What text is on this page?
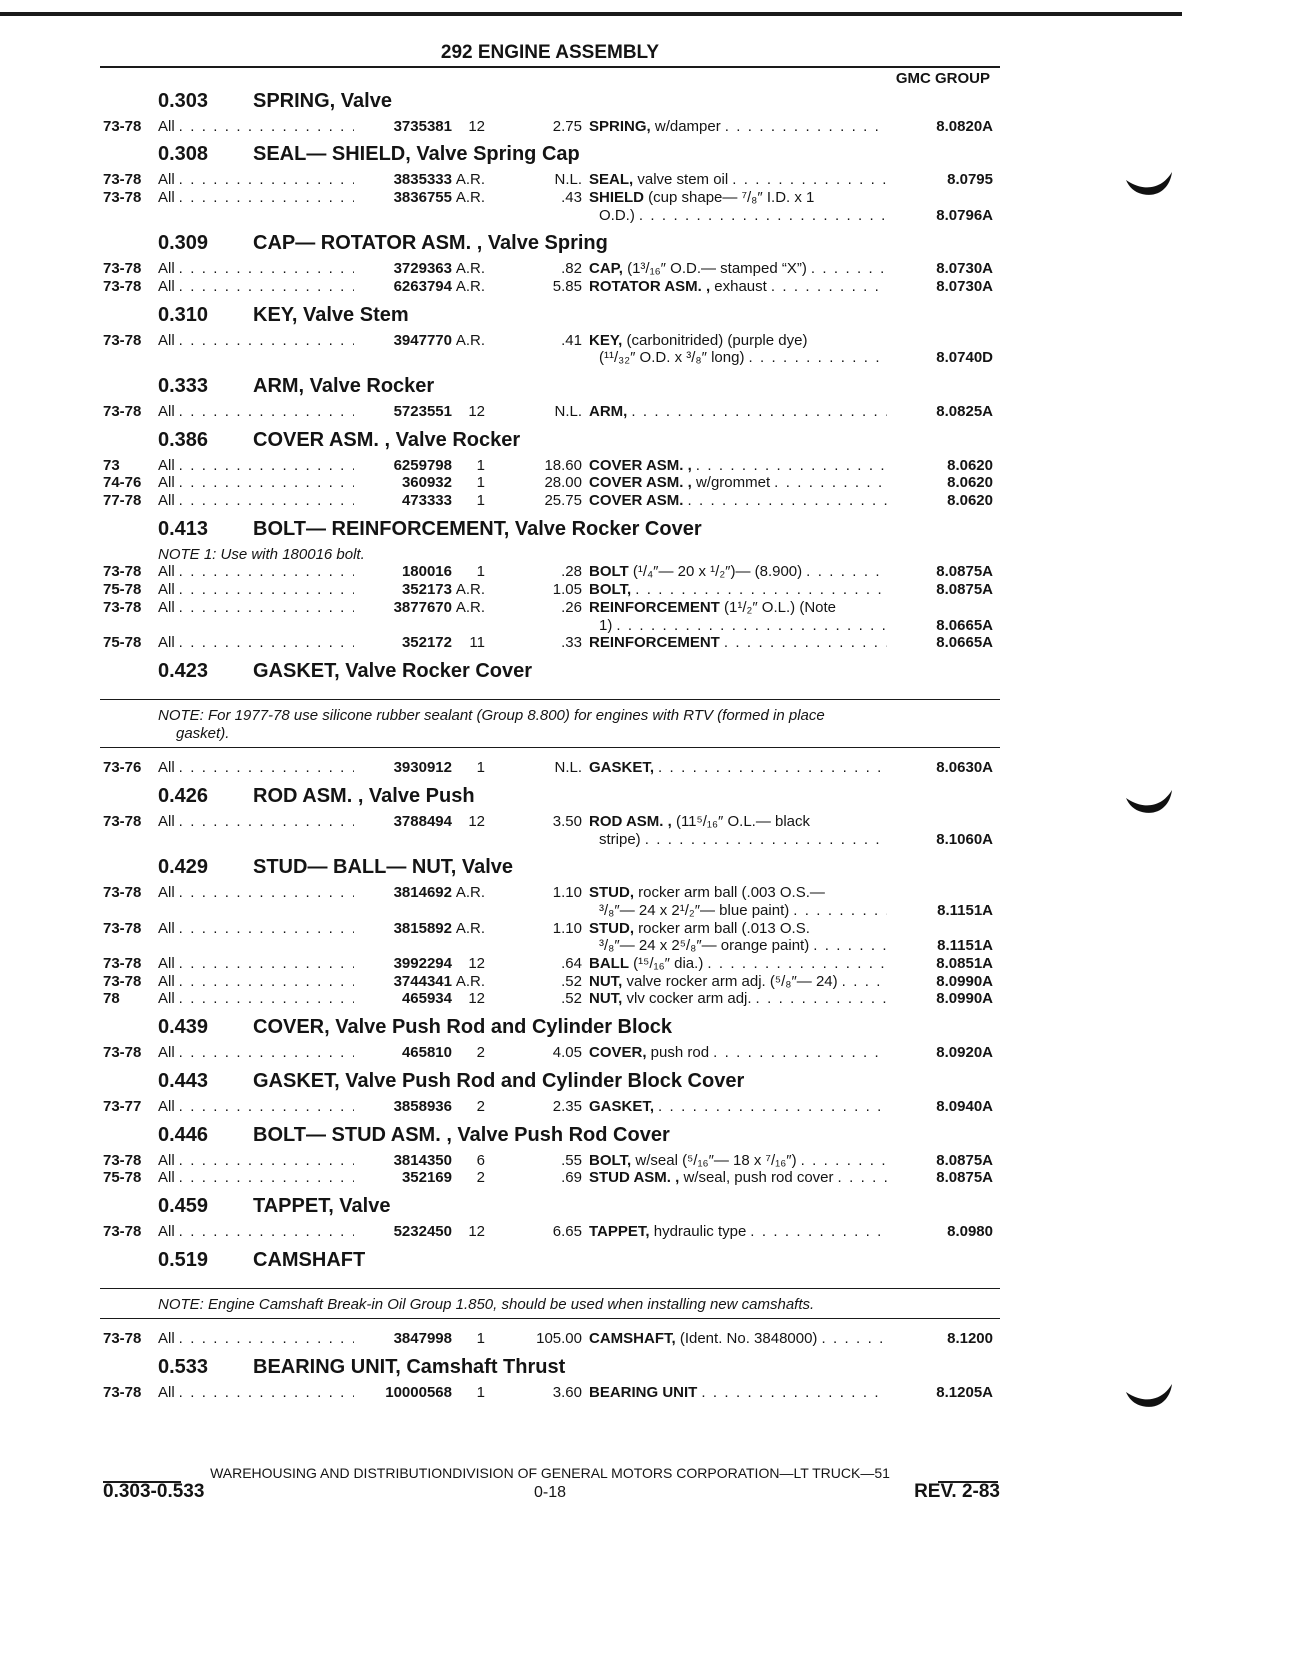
292 ENGINE ASSEMBLY
GMC GROUP
0.303 SPRING, Valve
73-78	All . . .	3735381	12	2.75 SPRING, w/damper . . .	8.0820A
0.308 SEAL— SHIELD, Valve Spring Cap
73-78	All . . .	3835333 A.R.	N.L. SEAL, valve stem oil . . .	8.0795
73-78	All . . .	3836755 A.R.	.43 SHIELD (cup shape— ⁷/₈″ I.D. x 1
O.D.) . . .	8.0796A
0.309 CAP— ROTATOR ASM. , Valve Spring
73-78	All . . .	3729363 A.R.	.82 CAP, (1³/₁₆″ O.D.— stamped “X”) . . .	8.0730A
73-78	All . . .	6263794 A.R.	5.85 ROTATOR ASM. , exhaust . . .	8.0730A
0.310 KEY, Valve Stem
73-78	All . . .	3947770 A.R.	.41 KEY, (carbonitrided) (purple dye)
(¹¹/₃₂″ O.D. x ³/₈″ long) . . .	8.0740D
0.333 ARM, Valve Rocker
73-78	All . . .	5723551	12	N.L. ARM, . . .	8.0825A
0.386 COVER ASM. , Valve Rocker
73	All . . .	6259798	1	18.60 COVER ASM. , . . .	8.0620
74-76	All . . .	360932	1	28.00 COVER ASM. , w/grommet . . .	8.0620
77-78	All . . .	473333	1	25.75 COVER ASM. . . .	8.0620
0.413 BOLT— REINFORCEMENT, Valve Rocker Cover
NOTE 1: Use with 180016 bolt.
73-78	All . . .	180016	1	.28 BOLT (¹/₄″— 20 x ¹/₂″)— (8.900) . . .	8.0875A
75-78	All . . .	352173 A.R.	1.05 BOLT, . . .	8.0875A
73-78	All . . .	3877670 A.R.	.26 REINFORCEMENT (1¹/₂″ O.L.) (Note
1) . . .	8.0665A
75-78	All . . .	352172	11	.33 REINFORCEMENT . . .	8.0665A
0.423 GASKET, Valve Rocker Cover
NOTE: For 1977-78 use silicone rubber sealant (Group 8.800) for engines with RTV (formed in place
gasket).
73-76	All . . .	3930912	1	N.L. GASKET, . . .	8.0630A
0.426 ROD ASM. , Valve Push
73-78	All . . .	3788494	12	3.50 ROD ASM. , (11⁵/₁₆″ O.L.— black
stripe) . . .	8.1060A
0.429 STUD— BALL— NUT, Valve
73-78	All . . .	3814692 A.R.	1.10 STUD, rocker arm ball (.003 O.S.—
³/₈″— 24 x 2¹/₂″— blue paint) . . .	8.1151A
73-78	All . . .	3815892 A.R.	1.10 STUD, rocker arm ball (.013 O.S.
³/₈″— 24 x 2⁵/₈″— orange paint) . . .	8.1151A
73-78	All . . .	3992294	12	.64 BALL (¹⁵/₁₆″ dia.) . . .	8.0851A
73-78	All . . .	3744341 A.R.	.52 NUT, valve rocker arm adj. (⁵/₈″— 24) . . .	8.0990A
78	All . . .	465934	12	.52 NUT, vlv cocker arm adj. . . .	8.0990A
0.439 COVER, Valve Push Rod and Cylinder Block
73-78	All . . .	465810	2	4.05 COVER, push rod . . .	8.0920A
0.443 GASKET, Valve Push Rod and Cylinder Block Cover
73-77	All . . .	3858936	2	2.35 GASKET, . . .	8.0940A
0.446 BOLT— STUD ASM. , Valve Push Rod Cover
73-78	All . . .	3814350	6	.55 BOLT, w/seal (⁵/₁₆″— 18 x ⁷/₁₆″) . . .	8.0875A
75-78	All . . .	352169	2	.69 STUD ASM. , w/seal, push rod cover . . .	8.0875A
0.459 TAPPET, Valve
73-78	All . . .	5232450	12	6.65 TAPPET, hydraulic type . . .	8.0980
0.519 CAMSHAFT
NOTE: Engine Camshaft Break-in Oil Group 1.850, should be used when installing new camshafts.
73-78	All . . .	3847998	1	105.00 CAMSHAFT, (Ident. No. 3848000) . . .	8.1200
0.533 BEARING UNIT, Camshaft Thrust
73-78	All . . .	10000568	1	3.60 BEARING UNIT . . .	8.1205A
WAREHOUSING AND DISTRIBUTIONDIVISION OF GENERAL MOTORS CORPORATION—LT TRUCK—51
0.303-0.533	0-18	REV. 2-83
